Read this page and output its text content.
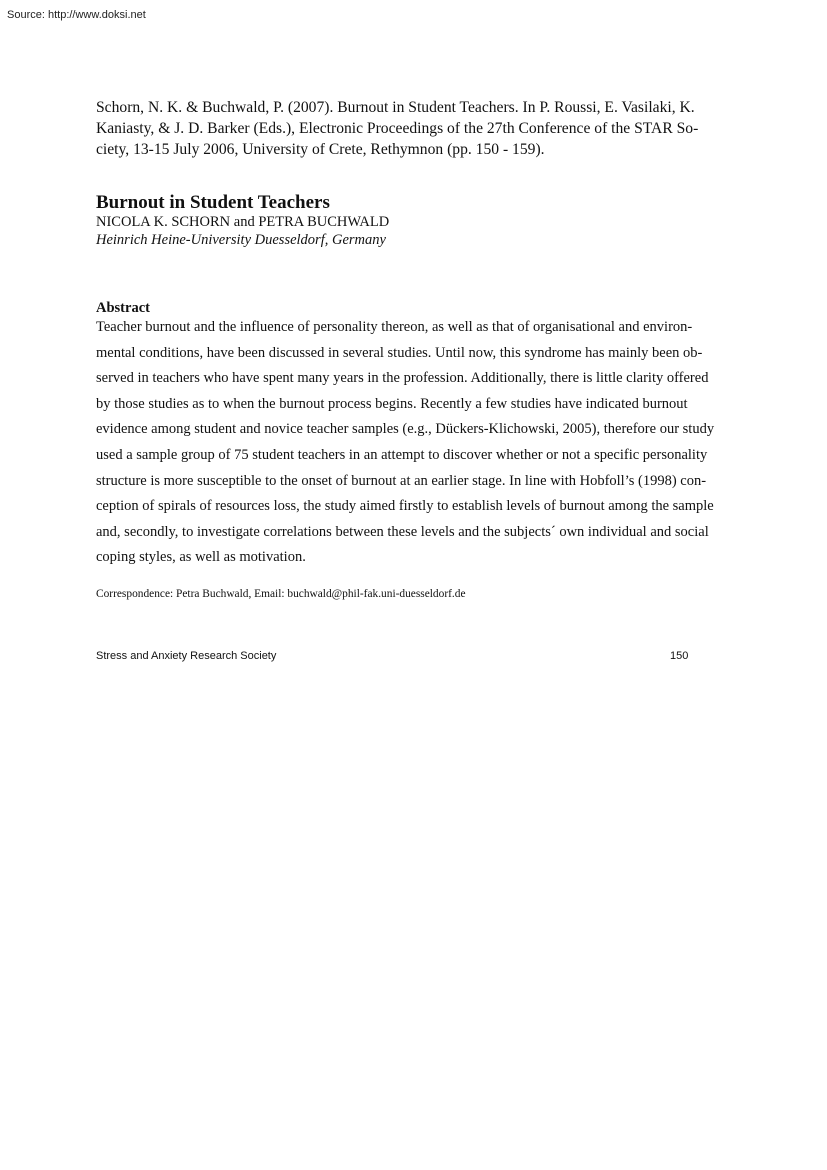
Source: http://www.doksi.net
Schorn, N. K. & Buchwald, P. (2007). Burnout in Student Teachers. In P. Roussi, E. Vasilaki, K.
Kaniasty, & J. D. Barker (Eds.), Electronic Proceedings of the 27th Conference of the STAR So-
ciety, 13-15 July 2006, University of Crete, Rethymnon (pp. 150 - 159).
Burnout in Student Teachers
NICOLA K. SCHORN and PETRA BUCHWALD
Heinrich Heine-University Duesseldorf, Germany
Abstract
Teacher burnout and the influence of personality thereon, as well as that of organisational and environ-
mental conditions, have been discussed in several studies. Until now, this syndrome has mainly been ob-
served in teachers who have spent many years in the profession. Additionally, there is little clarity offered
by those studies as to when the burnout process begins. Recently a few studies have indicated burnout
evidence among student and novice teacher samples (e.g., Dückers-Klichowski, 2005), therefore our study
used a sample group of 75 student teachers in an attempt to discover whether or not a specific personality
structure is more susceptible to the onset of burnout at an earlier stage. In line with Hobfoll’s (1998) con-
ception of spirals of resources loss, the study aimed firstly to establish levels of burnout among the sample
and, secondly, to investigate correlations between these levels and the subjects´ own individual and social
coping styles, as well as motivation.
Correspondence: Petra Buchwald, Email: buchwald@phil-fak.uni-duesseldorf.de
Stress and Anxiety Research Society	150
